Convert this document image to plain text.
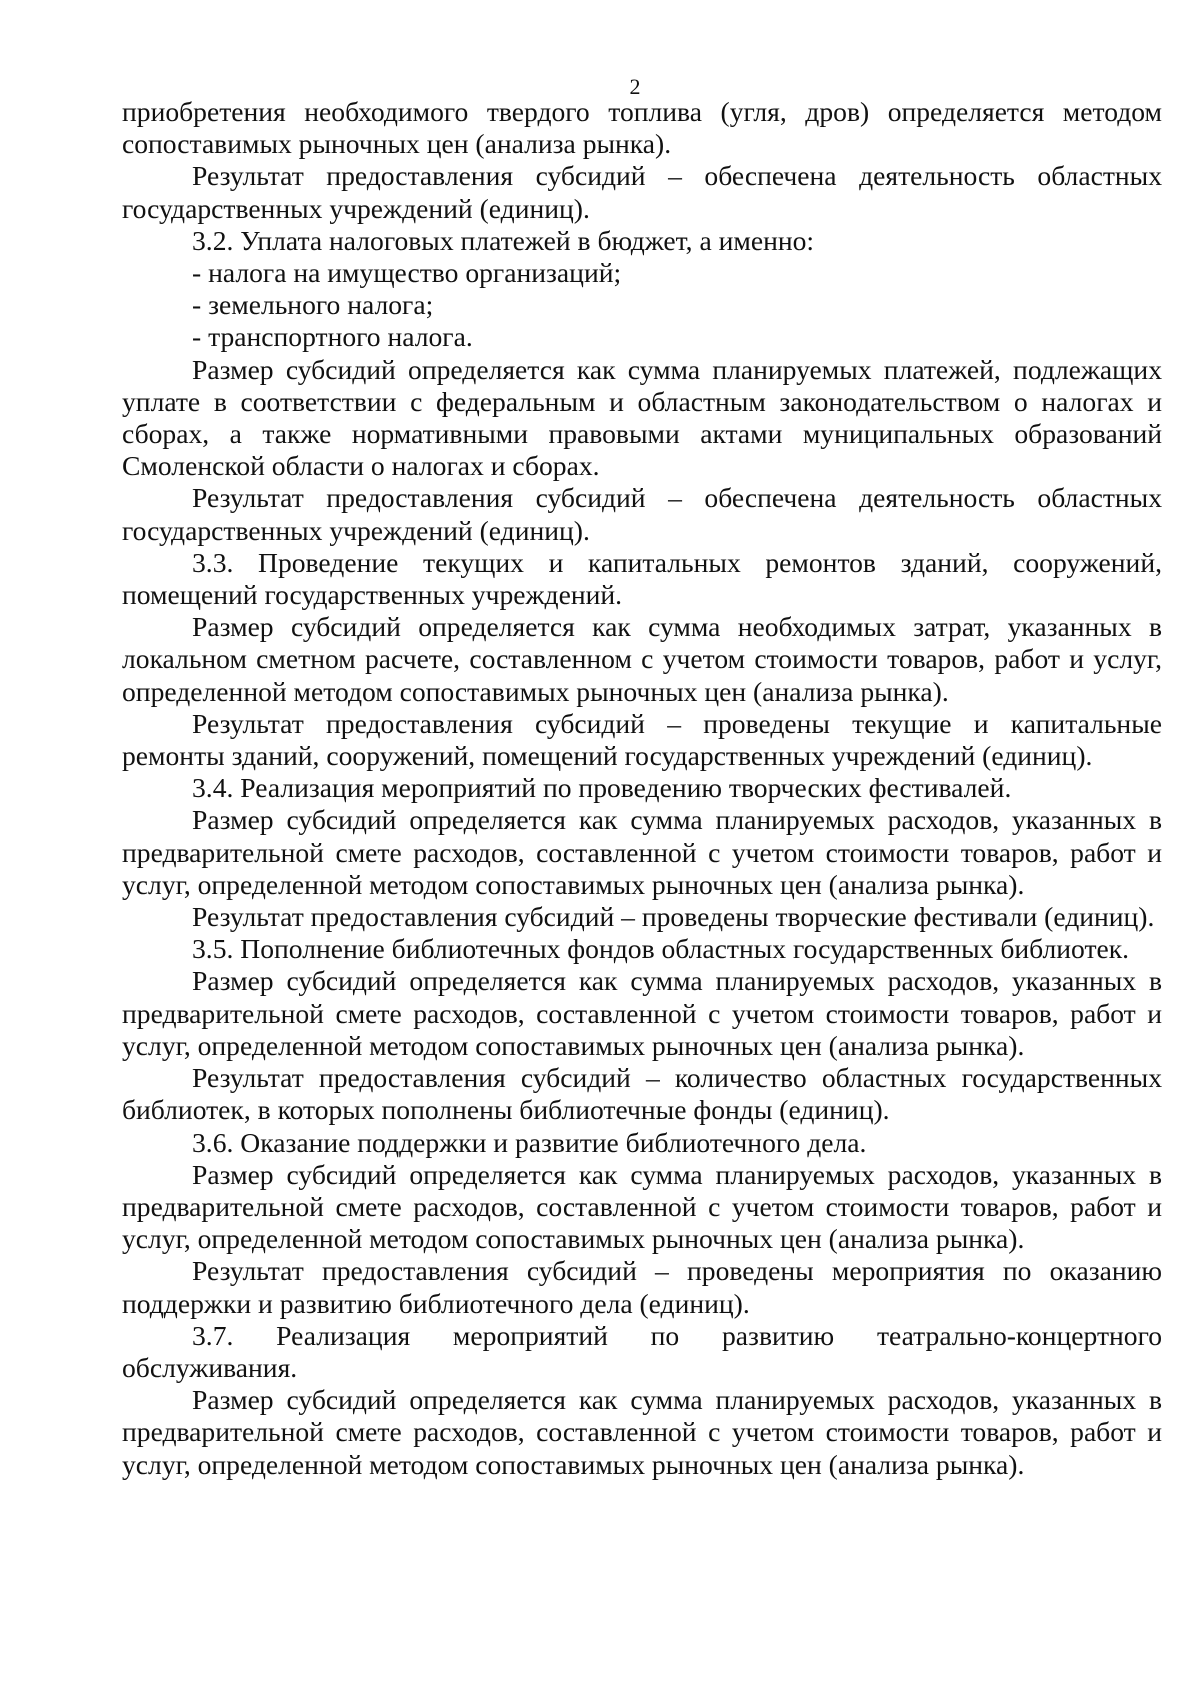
2

приобретения необходимого твердого топлива (угля, дров) определяется методом сопоставимых рыночных цен (анализа рынка).

Результат предоставления субсидий – обеспечена деятельность областных государственных учреждений (единиц).

3.2. Уплата налоговых платежей в бюджет, а именно:

- налога на имущество организаций;

- земельного налога;

- транспортного налога.

Размер субсидий определяется как сумма планируемых платежей, подлежащих уплате в соответствии с федеральным и областным законодательством о налогах и сборах, а также нормативными правовыми актами муниципальных образований Смоленской области о налогах и сборах.

Результат предоставления субсидий – обеспечена деятельность областных государственных учреждений (единиц).

3.3. Проведение текущих и капитальных ремонтов зданий, сооружений, помещений государственных учреждений.

Размер субсидий определяется как сумма необходимых затрат, указанных в локальном сметном расчете, составленном с учетом стоимости товаров, работ и услуг, определенной методом сопоставимых рыночных цен (анализа рынка).

Результат предоставления субсидий – проведены текущие и капитальные ремонты зданий, сооружений, помещений государственных учреждений (единиц).

3.4. Реализация мероприятий по проведению творческих фестивалей.

Размер субсидий определяется как сумма планируемых расходов, указанных в предварительной смете расходов, составленной с учетом стоимости товаров, работ и услуг, определенной методом сопоставимых рыночных цен (анализа рынка).

Результат предоставления субсидий – проведены творческие фестивали (единиц).

3.5. Пополнение библиотечных фондов областных государственных библиотек.

Размер субсидий определяется как сумма планируемых расходов, указанных в предварительной смете расходов, составленной с учетом стоимости товаров, работ и услуг, определенной методом сопоставимых рыночных цен (анализа рынка).

Результат предоставления субсидий – количество областных государственных библиотек, в которых пополнены библиотечные фонды (единиц).

3.6. Оказание поддержки и развитие библиотечного дела.

Размер субсидий определяется как сумма планируемых расходов, указанных в предварительной смете расходов, составленной с учетом стоимости товаров, работ и услуг, определенной методом сопоставимых рыночных цен (анализа рынка).

Результат предоставления субсидий – проведены мероприятия по оказанию поддержки и развитию библиотечного дела (единиц).

3.7. Реализация мероприятий по развитию театрально-концертного обслуживания.

Размер субсидий определяется как сумма планируемых расходов, указанных в предварительной смете расходов, составленной с учетом стоимости товаров, работ и услуг, определенной методом сопоставимых рыночных цен (анализа рынка).
